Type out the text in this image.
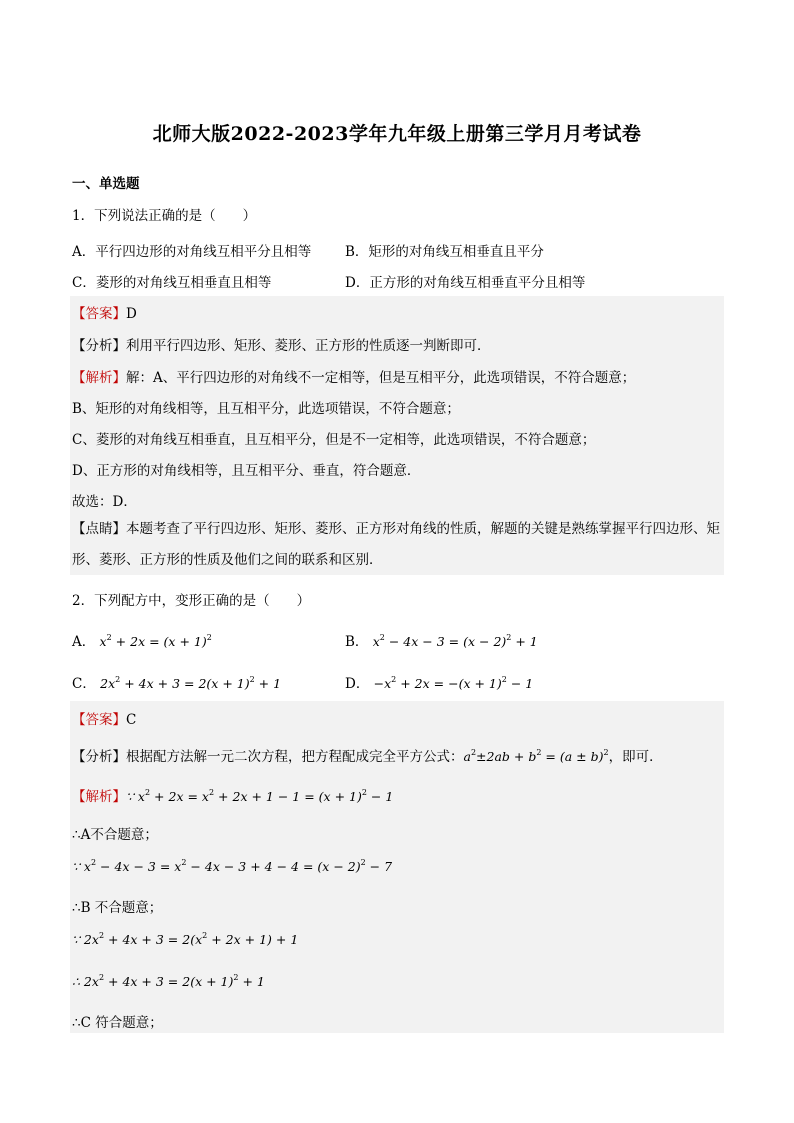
北师大版2022-2023学年九年级上册第三学月月考试卷
一、单选题
1．下列说法正确的是（　　）
A．平行四边形的对角线互相平分且相等	B．矩形的对角线互相垂直且平分
C．菱形的对角线互相垂直且相等	D．正方形的对角线互相垂直平分且相等
【答案】D
【分析】利用平行四边形、矩形、菱形、正方形的性质逐一判断即可．
【解析】解：A、平行四边形的对角线不一定相等，但是互相平分，此选项错误，不符合题意；
B、矩形的对角线相等，且互相平分，此选项错误，不符合题意；
C、菱形的对角线互相垂直，且互相平分，但是不一定相等，此选项错误，不符合题意；
D、正方形的对角线相等，且互相平分、垂直，符合题意．
故选：D．
【点睛】本题考查了平行四边形、矩形、菱形、正方形对角线的性质，解题的关键是熟练掌握平行四边形、矩形、菱形、正方形的性质及他们之间的联系和区别．
2．下列配方中，变形正确的是（　　）
A． $x^2 + 2x = (x + 1)^2$	B． $x^2 - 4x - 3 = (x - 2)^2 + 1$
C． $2x^2 + 4x + 3 = 2(x + 1)^2 + 1$	D． $-x^2 + 2x = -(x + 1)^2 - 1$
【答案】C
【分析】根据配方法解一元二次方程，把方程配成完全平方公式：$a^2\pm 2ab + b^2 = (a \pm b)^2$，即可．
【解析】∵ $x^2 + 2x = x^2 + 2x + 1 - 1 = (x + 1)^2 - 1$
∴A不合题意；
∵ $x^2 - 4x - 3 = x^2 - 4x - 3 + 4 - 4 = (x - 2)^2 - 7$
∴B 不合题意；
∵ $2x^2 + 4x + 3 = 2(x^2 + 2x + 1) + 1$
∴ $2x^2 + 4x + 3 = 2(x + 1)^2 + 1$
∴C 符合题意；
